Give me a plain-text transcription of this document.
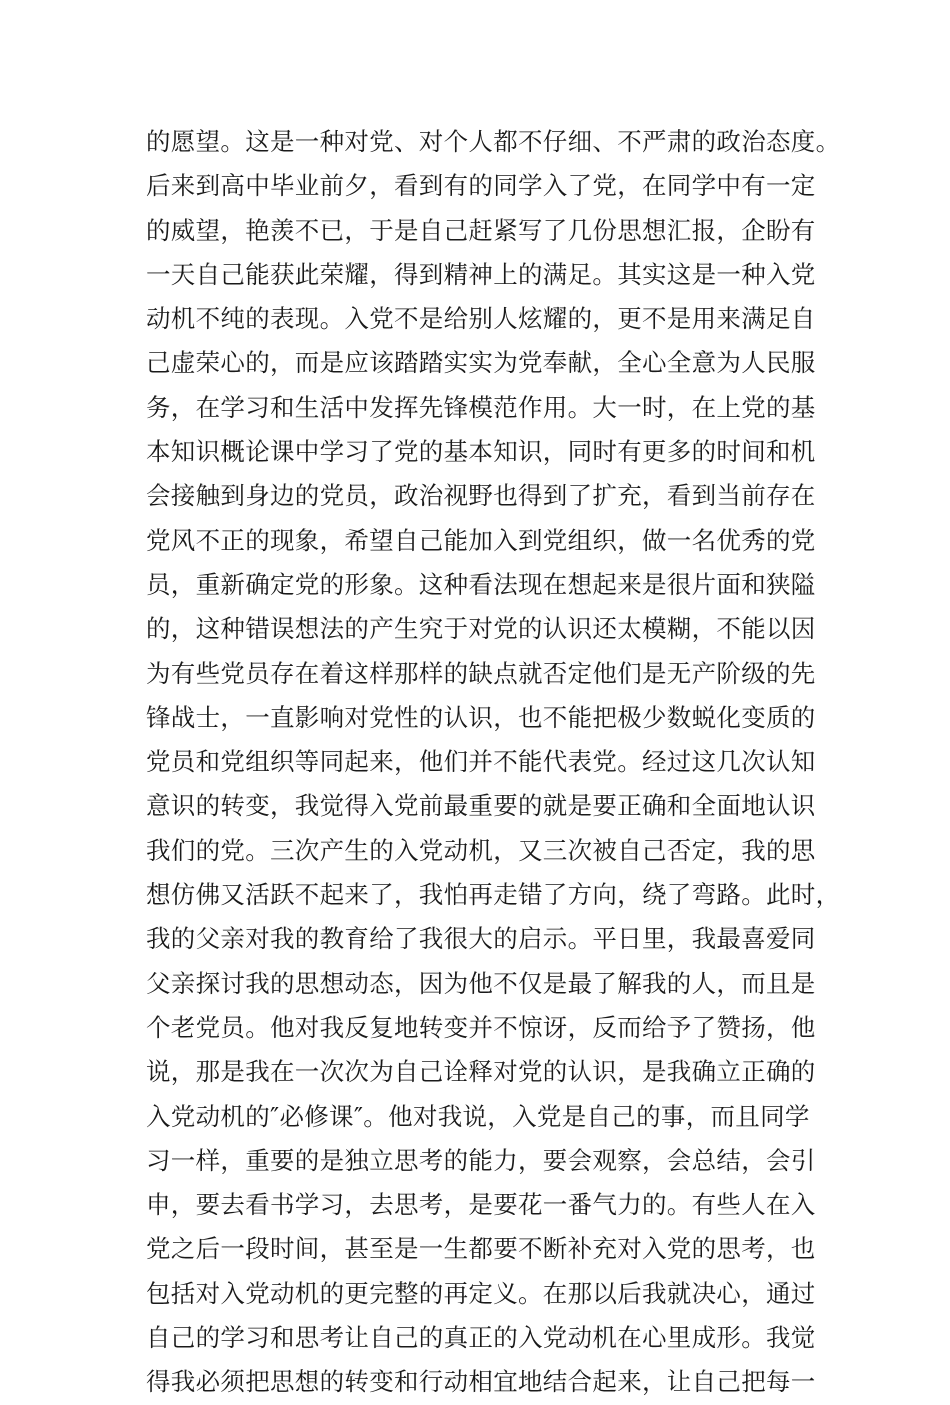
的愿望。这是一种对党、对个人都不仔细、不严肃的政治态度。
后来到高中毕业前夕，看到有的同学入了党，在同学中有一定
的威望，艳羡不已，于是自己赶紧写了几份思想汇报，企盼有
一天自己能获此荣耀，得到精神上的满足。其实这是一种入党
动机不纯的表现。入党不是给别人炫耀的，更不是用来满足自
己虚荣心的，而是应该踏踏实实为党奉献，全心全意为人民服
务，在学习和生活中发挥先锋模范作用。大一时，在上党的基
本知识概论课中学习了党的基本知识，同时有更多的时间和机
会接触到身边的党员，政治视野也得到了扩充，看到当前存在
党风不正的现象，希望自己能加入到党组织，做一名优秀的党
员，重新确定党的形象。这种看法现在想起来是很片面和狭隘
的，这种错误想法的产生究于对党的认识还太模糊，不能以因
为有些党员存在着这样那样的缺点就否定他们是无产阶级的先
锋战士，一直影响对党性的认识，也不能把极少数蜕化变质的
党员和党组织等同起来，他们并不能代表党。经过这几次认知
意识的转变，我觉得入党前最重要的就是要正确和全面地认识
我们的党。三次产生的入党动机，又三次被自己否定，我的思
想仿佛又活跃不起来了，我怕再走错了方向，绕了弯路。此时，
我的父亲对我的教育给了我很大的启示。平日里，我最喜爱同
父亲探讨我的思想动态，因为他不仅是最了解我的人，而且是
个老党员。他对我反复地转变并不惊讶，反而给予了赞扬，他
说，那是我在一次次为自己诠释对党的认识，是我确立正确的
入党动机的″必修课″。他对我说，入党是自己的事，而且同学
习一样，重要的是独立思考的能力，要会观察，会总结，会引
申，要去看书学习，去思考，是要花一番气力的。有些人在入
党之后一段时间，甚至是一生都要不断补充对入党的思考，也
包括对入党动机的更完整的再定义。在那以后我就决心，通过
自己的学习和思考让自己的真正的入党动机在心里成形。我觉
得我必须把思想的转变和行动相宜地结合起来，让自己把每一
